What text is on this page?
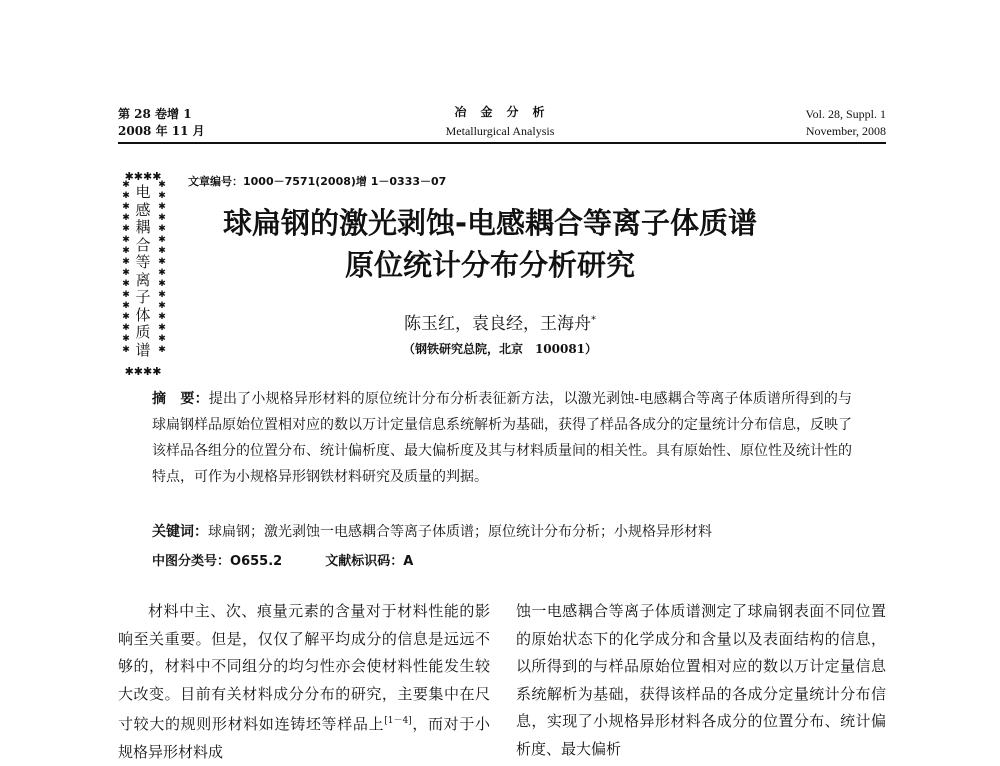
第 28 卷增 1
2008 年 11 月
冶　金　分　析
Metallurgical Analysis
Vol. 28, Suppl. 1
November, 2008
文章编号：1000－7571(2008)增 1－0333－07
✱✱✱✱
✱
✱
✱
✱
✱
✱
✱
✱
✱
✱
✱
✱
✱
✱
✱
✱
电感耦合等离子体质谱
✱
✱
✱
✱
✱
✱
✱
✱
✱
✱
✱
✱
✱
✱
✱
✱
✱✱✱✱
球扁钢的激光剥蚀-电感耦合等离子体质谱
原位统计分布分析研究
陈玉红，袁良经，王海舟*
（钢铁研究总院，北京　100081）
摘　要：提出了小规格异形材料的原位统计分布分析表征新方法，以激光剥蚀-电感耦合等离子体质谱所得到的与球扁钢样品原始位置相对应的数以万计定量信息系统解析为基础，获得了样品各成分的定量统计分布信息，反映了该样品各组分的位置分布、统计偏析度、最大偏析度及其与材料质量间的相关性。具有原始性、原位性及统计性的特点，可作为小规格异形钢铁材料研究及质量的判据。
关键词：球扁钢；激光剥蚀一电感耦合等离子体质谱；原位统计分布分析；小规格异形材料
中图分类号：O655.2	文献标识码：A
材料中主、次、痕量元素的含量对于材料性能的影响至关重要。但是，仅仅了解平均成分的信息是远远不够的，材料中不同组分的均匀性亦会使材料性能发生较大改变。目前有关材料成分分布的研究，主要集中在尺寸较大的规则形材料如连铸坯等样品上[1－4]，而对于小规格异形材料成
蚀一电感耦合等离子体质谱测定了球扁钢表面不同位置的原始状态下的化学成分和含量以及表面结构的信息，以所得到的与样品原始位置相对应的数以万计定量信息系统解析为基础，获得该样品的各成分定量统计分布信息，实现了小规格异形材料各成分的位置分布、统计偏析度、最大偏析
